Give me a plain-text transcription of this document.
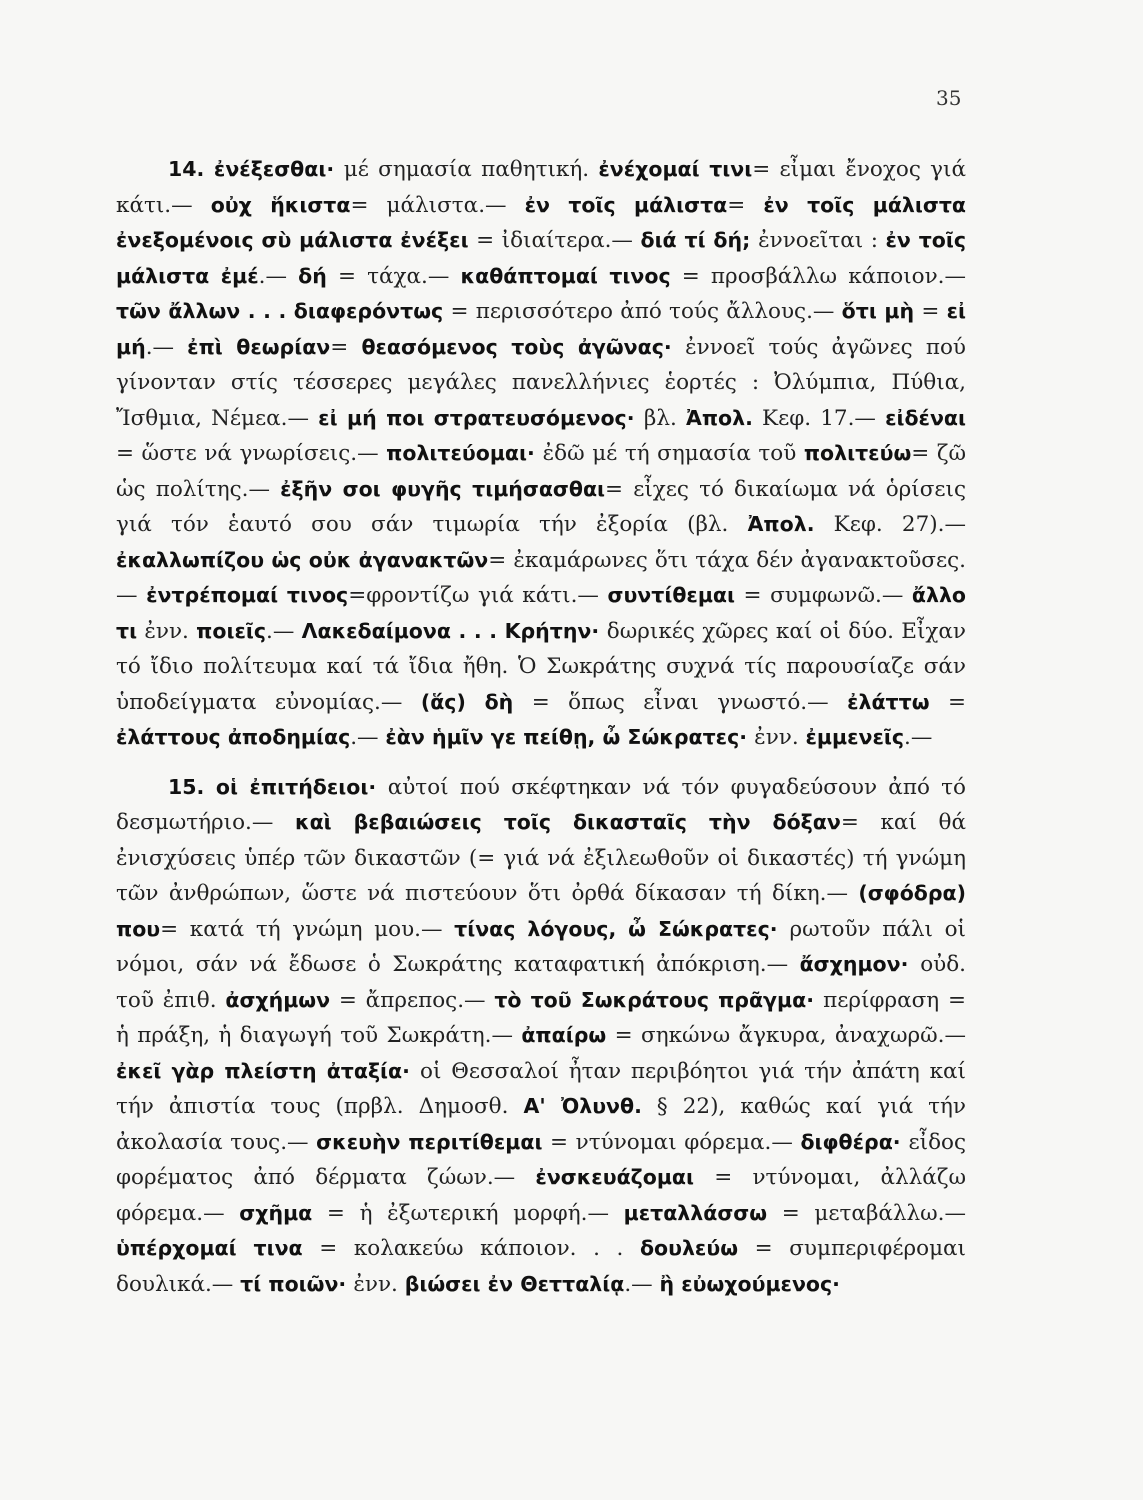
35

14. ἐνέξεσθαι· μέ σημασία παθητική. ἐνέχομαί τινι= εἶμαι ἔνοχος γιά κάτι.— οὐχ ἥκιστα= μάλιστα.— ἐν τοῖς μάλιστα= ἐν τοῖς μάλιστα ἐνεξομένοις σὺ μάλιστα ἐνέξει = ἰδιαίτερα.— διά τί δή; ἐννοεῖται : ἐν τοῖς μάλιστα ἐμέ.— δή = τάχα.— καθάπτομαί τινος = προσβάλλω κάποιον.— τῶν ἄλλων . . . διαφερόντως = περισσότερο ἀπό τούς ἄλλους.— ὅτι μὴ = εἰ μή.— ἐπὶ θεωρίαν= θεασόμενος τοὺς ἀγῶνας· ἐννοεῖ τούς ἀγῶνες πού γίνονταν στίς τέσσερες μεγάλες πανελλήνιες ἑορτές : Ὀλύμπια, Πύθια, Ἴσθμια, Νέμεα.— εἰ μή ποι στρατευσόμενος· βλ. Ἀπολ. Κεφ. 17.— εἰδέναι = ὥστε νά γνωρίσεις.— πολιτεύομαι· ἐδῶ μέ τή σημασία τοῦ πολιτεύω= ζῶ ὡς πολίτης.— ἐξῆν σοι φυγῆς τιμήσασθαι= εἶχες τό δικαίωμα νά ὁρίσεις γιά τόν ἑαυτό σου σάν τιμωρία τήν ἐξορία (βλ. Ἀπολ. Κεφ. 27).— ἐκαλλωπίζου ὡς οὐκ ἀγανακτῶν= ἐκαμάρωνες ὅτι τάχα δέν ἀγανακτοῦσες.— ἐντρέπομαί τινος=φροντίζω γιά κάτι.— συντίθεμαι = συμφωνῶ.— ἄλλο τι ἐνν. ποιεῖς.— Λακεδαίμονα . . . Κρήτην· δωρικές χῶρες καί οἱ δύο. Εἶχαν τό ἴδιο πολίτευμα καί τά ἴδια ἤθη. Ὁ Σωκράτης συχνά τίς παρουσίαζε σάν ὑποδείγματα εὐνομίας.— (ἅς) δὴ = ὅπως εἶναι γνωστό.— ἐλάττω = ἐλάττους ἀποδημίας.— ἐὰν ἡμῖν γε πείθῃ, ὦ Σώκρατες· ἐνν. ἐμμενεῖς.—

15. οἱ ἐπιτήδειοι· αὐτοί πού σκέφτηκαν νά τόν φυγαδεύσουν ἀπό τό δεσμωτήριο.— καὶ βεβαιώσεις τοῖς δικασταῖς τὴν δόξαν= καί θά ἐνισχύσεις ὑπέρ τῶν δικαστῶν (= γιά νά ἐξιλεωθοῦν οἱ δικαστές) τή γνώμη τῶν ἀνθρώπων, ὥστε νά πιστεύουν ὅτι ὀρθά δίκασαν τή δίκη.— (σφόδρα) που= κατά τή γνώμη μου.— τίνας λόγους, ὦ Σώκρατες· ρωτοῦν πάλι οἱ νόμοι, σάν νά ἔδωσε ὁ Σωκράτης καταφατική ἀπόκριση.— ἄσχημον· οὐδ. τοῦ ἐπιθ. ἀσχήμων = ἄπρεπος.— τὸ τοῦ Σωκράτους πρᾶγμα· περίφραση = ἡ πράξη, ἡ διαγωγή τοῦ Σωκράτη.— ἀπαίρω = σηκώνω ἄγκυρα, ἀναχωρῶ.— ἐκεῖ γὰρ πλείστη ἀταξία· οἱ Θεσσαλοί ἦταν περιβόητοι γιά τήν ἀπάτη καί τήν ἀπιστία τους (πρβλ. Δημοσθ. Α' Ὀλυνθ. § 22), καθώς καί γιά τήν ἀκολασία τους.— σκευὴν περιτίθεμαι = ντύνομαι φόρεμα.— διφθέρα· εἶδος φορέματος ἀπό δέρματα ζώων.— ἐνσκευάζομαι = ντύνομαι, ἀλλάζω φόρεμα.— σχῆμα = ἡ ἐξωτερική μορφή.— μεταλλάσσω = μεταβάλλω.— ὑπέρχομαί τινα = κολακεύω κάποιον. . . δουλεύω = συμπεριφέρομαι δουλικά.— τί ποιῶν· ἐνν. βιώσει ἐν Θετταλίᾳ.— ἢ εὐωχούμενος·
